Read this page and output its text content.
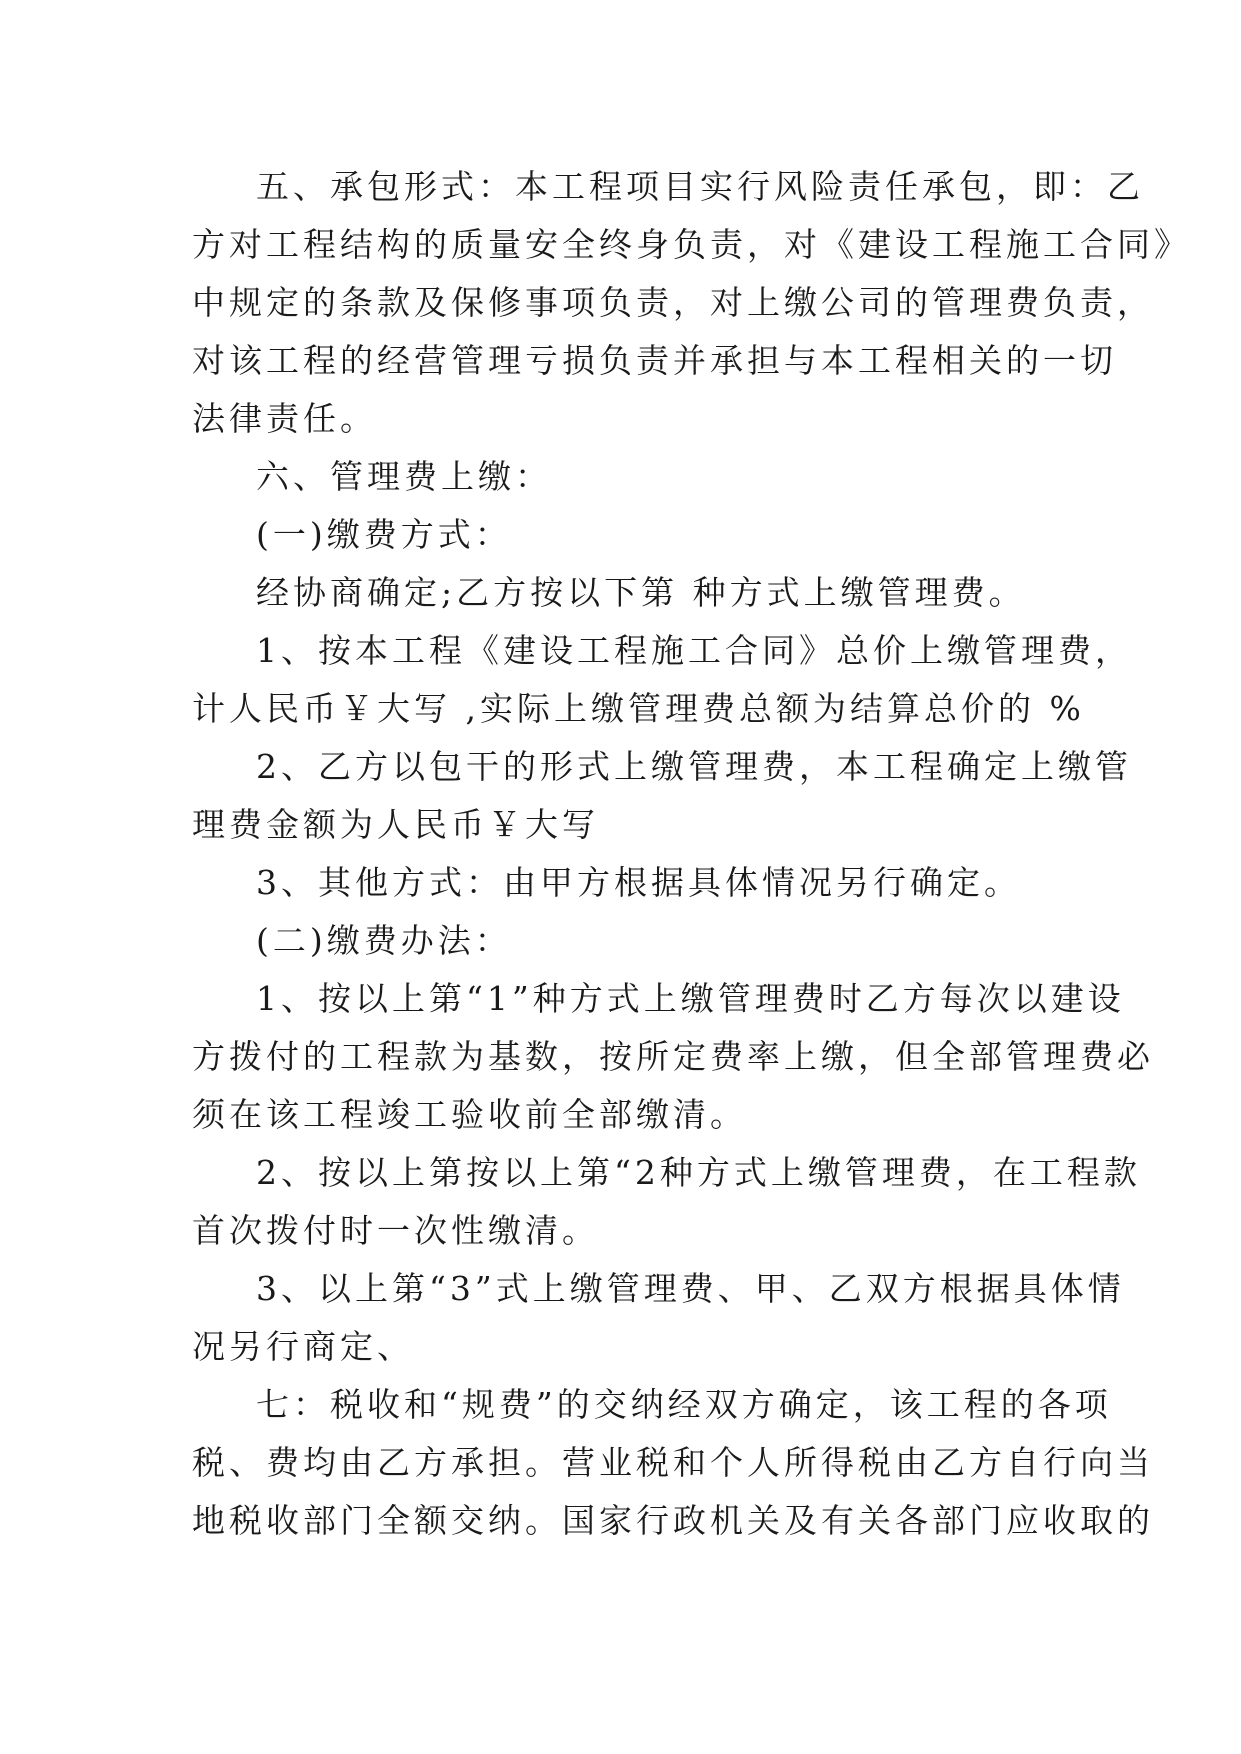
五、承包形式：本工程项目实行风险责任承包，即：乙
方对工程结构的质量安全终身负责，对《建设工程施工合同》
中规定的条款及保修事项负责，对上缴公司的管理费负责，
对该工程的经营管理亏损负责并承担与本工程相关的一切
法律责任。
六、管理费上缴：
(一)缴费方式：
经协商确定;乙方按以下第 种方式上缴管理费。
1、按本工程《建设工程施工合同》总价上缴管理费，
计人民币￥大写 ,实际上缴管理费总额为结算总价的 %
2、乙方以包干的形式上缴管理费，本工程确定上缴管
理费金额为人民币￥大写
3、其他方式：由甲方根据具体情况另行确定。
(二)缴费办法：
1、按以上第“1”种方式上缴管理费时乙方每次以建设
方拨付的工程款为基数，按所定费率上缴，但全部管理费必
须在该工程竣工验收前全部缴清。
2、按以上第按以上第“2种方式上缴管理费，在工程款
首次拨付时一次性缴清。
3、以上第“3”式上缴管理费、甲、乙双方根据具体情
况另行商定、
七：税收和“规费”的交纳经双方确定，该工程的各项
税、费均由乙方承担。营业税和个人所得税由乙方自行向当
地税收部门全额交纳。国家行政机关及有关各部门应收取的
